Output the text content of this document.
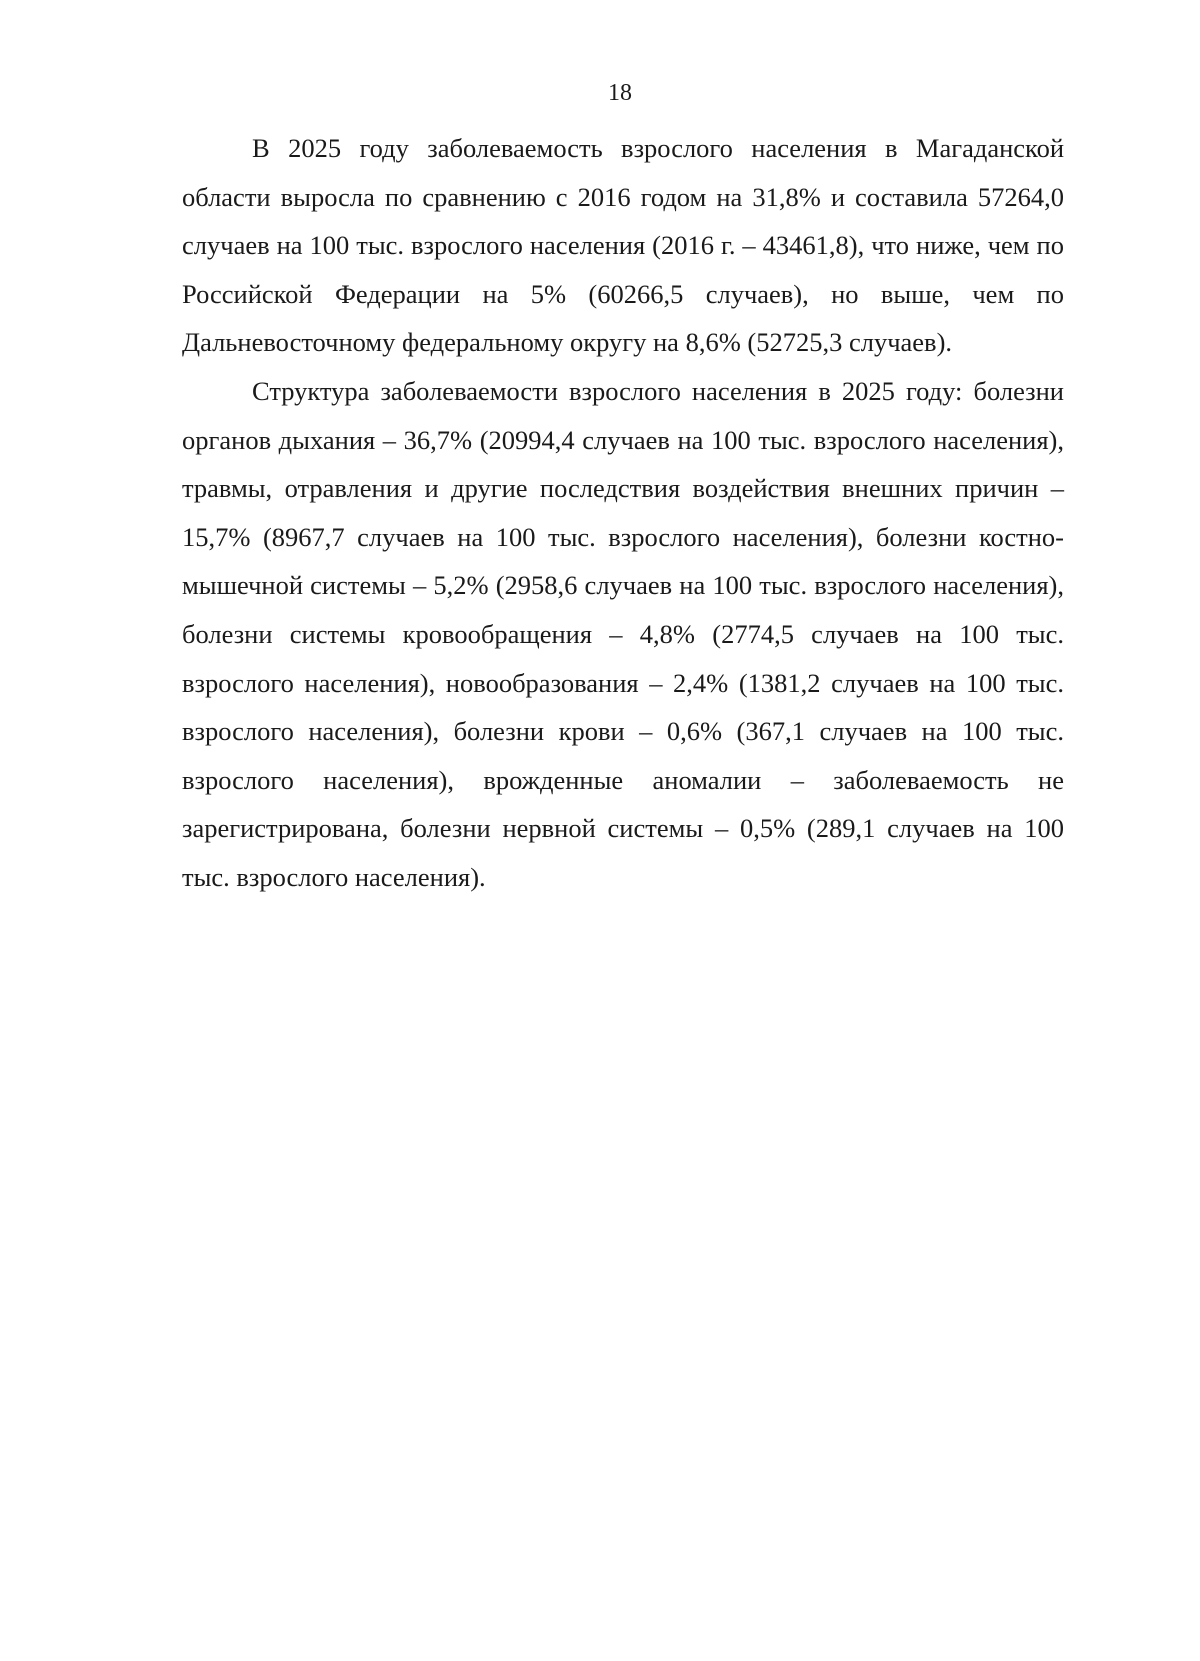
18

В 2025 году заболеваемость взрослого населения в Магаданской области выросла по сравнению с 2016 годом на 31,8% и составила 57264,0 случаев на 100 тыс. взрослого населения (2016 г. – 43461,8), что ниже, чем по Российской Федерации на 5% (60266,5 случаев), но выше, чем по Дальневосточному федеральному округу на 8,6% (52725,3 случаев).

Структура заболеваемости взрослого населения в 2025 году: болезни органов дыхания – 36,7% (20994,4 случаев на 100 тыс. взрослого населения), травмы, отравления и другие последствия воздействия внешних причин – 15,7% (8967,7 случаев на 100 тыс. взрослого населения), болезни костно-мышечной системы – 5,2% (2958,6 случаев на 100 тыс. взрослого населения), болезни системы кровообращения – 4,8% (2774,5 случаев на 100 тыс. взрослого населения), новообразования – 2,4% (1381,2 случаев на 100 тыс. взрослого населения), болезни крови – 0,6% (367,1 случаев на 100 тыс. взрослого населения), врожденные аномалии – заболеваемость не зарегистрирована, болезни нервной системы – 0,5% (289,1 случаев на 100 тыс. взрослого населения).
